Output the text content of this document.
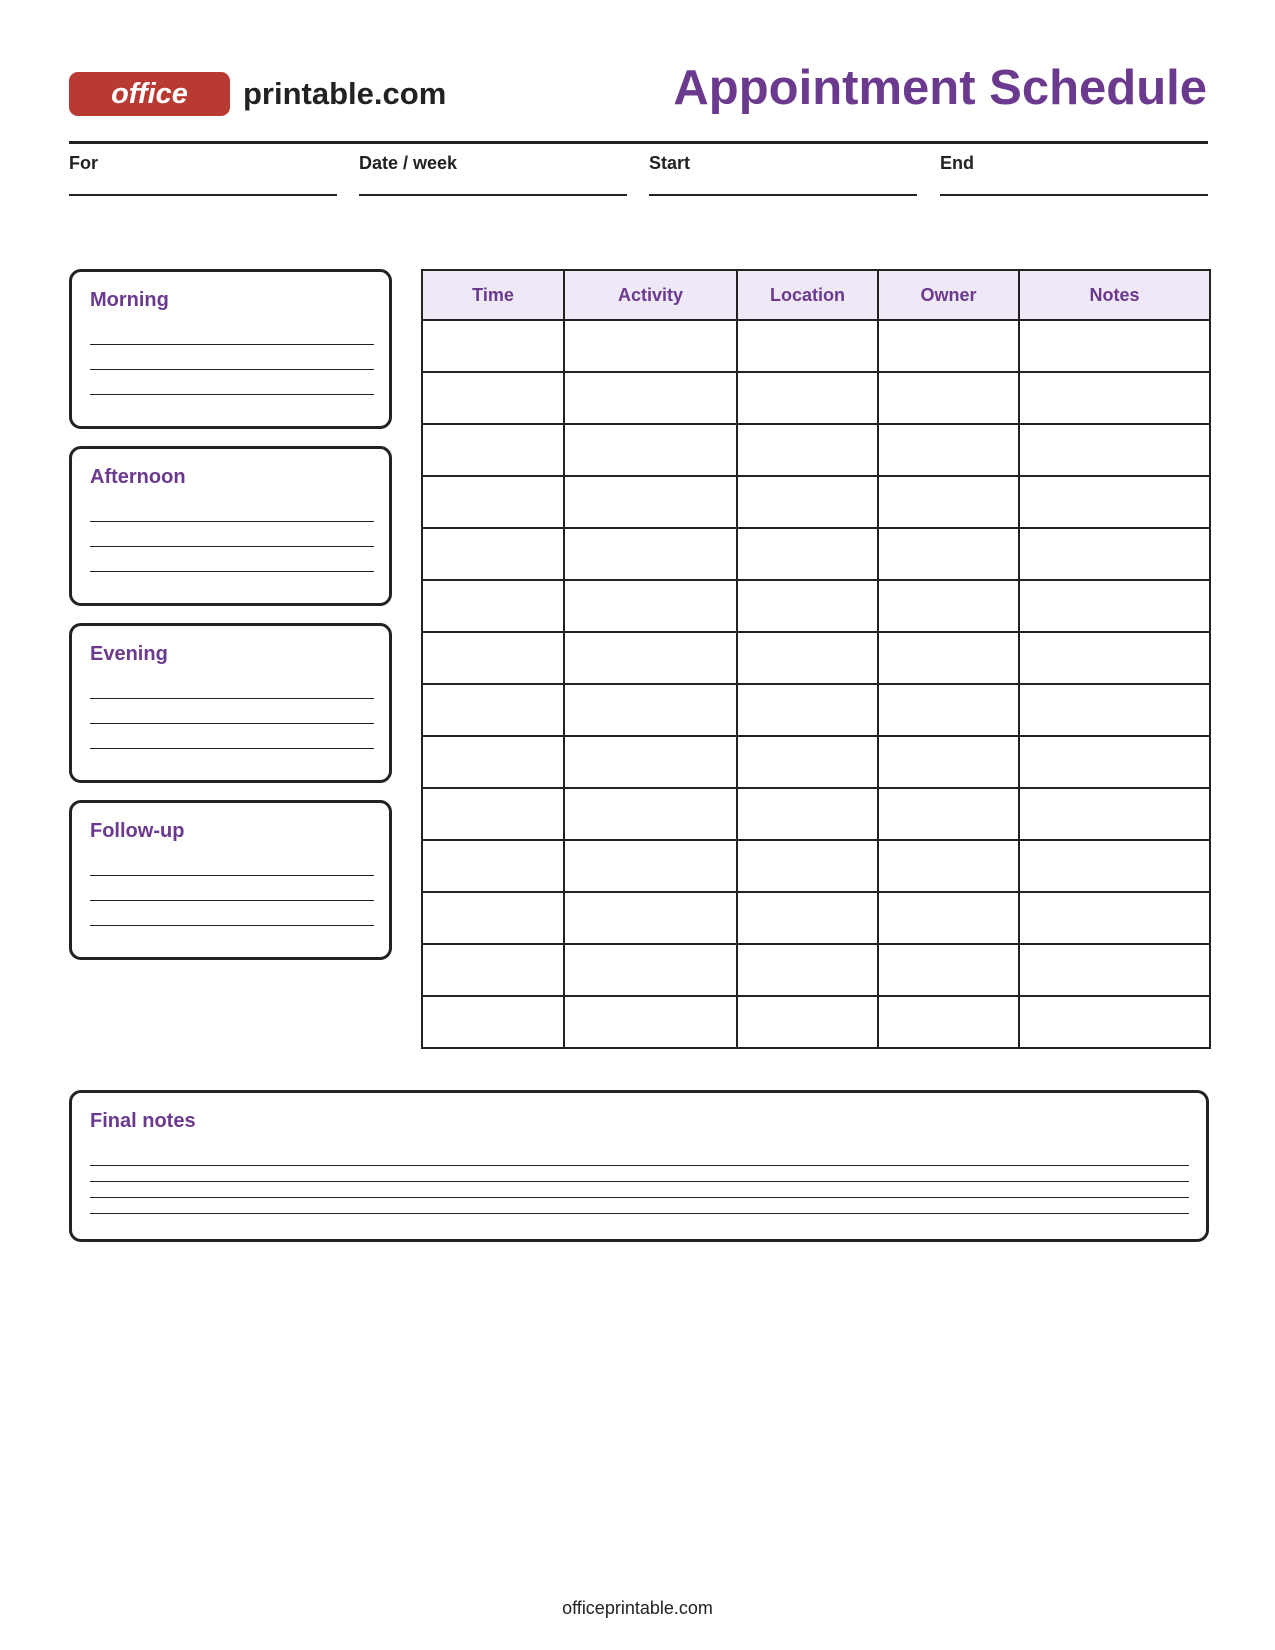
office	printable.com	Appointment Schedule
For	Date / week	Start	End
Morning
Afternoon
Evening
Follow-up
Time	Activity	Location	Owner	Notes

Final notes
officeprintable.com
